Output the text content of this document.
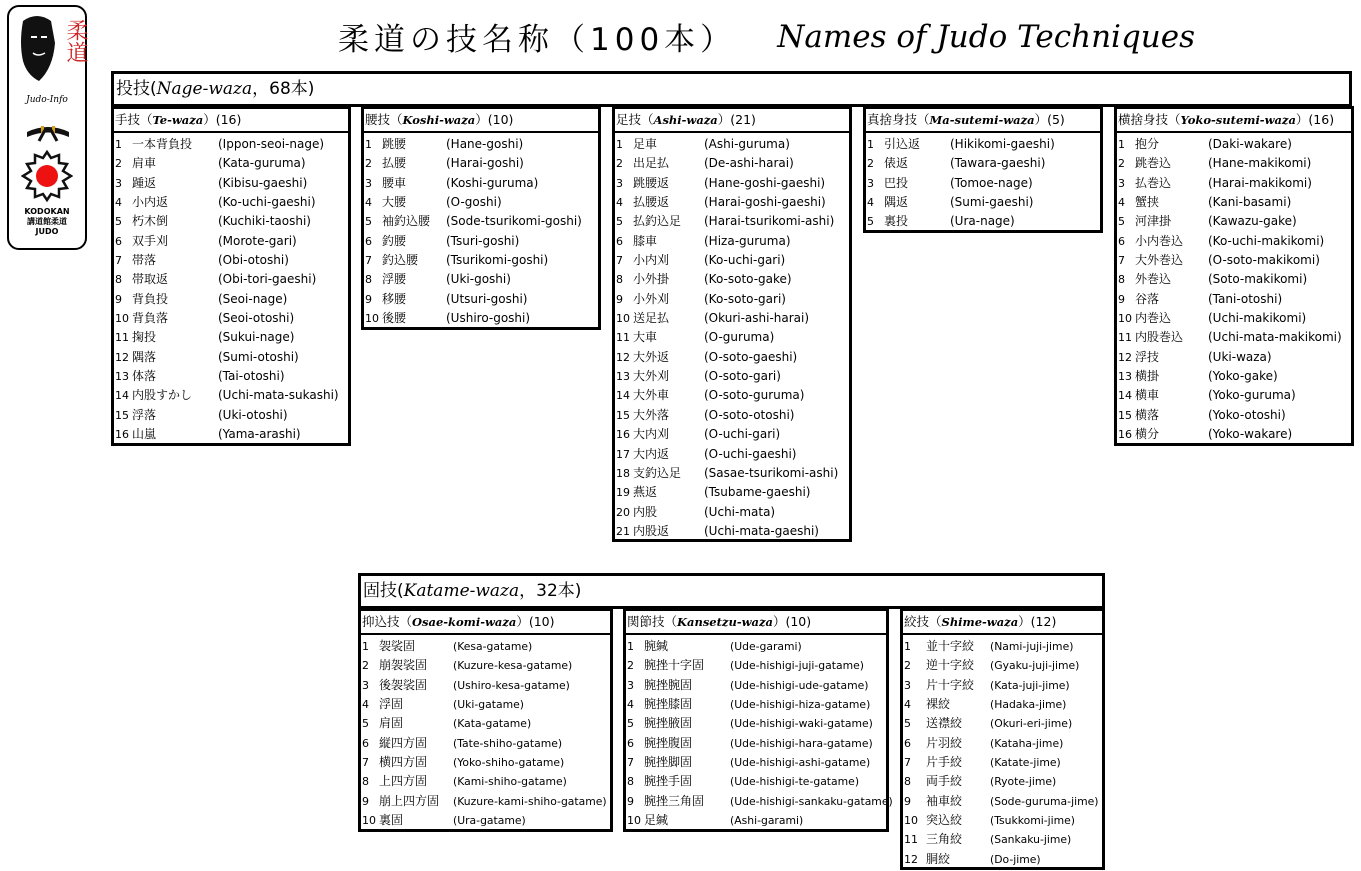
柔道
Judo-Info
KODOKAN
講道館柔道
JUDO
柔道の技名称（100本） Names of Judo Techniques
投技(Nage-waza，68本)
手技（Te-waza）(16)
1 一本背負投 (Ippon-seoi-nage)
2 肩車	(Kata-guruma)
3 踵返	(Kibisu-gaeshi)
4 小内返	(Ko-uchi-gaeshi)
5 朽木倒	(Kuchiki-taoshi)
6 双手刈	(Morote-gari)
7 帯落	(Obi-otoshi)
8 帯取返	(Obi-tori-gaeshi)
9 背負投	(Seoi-nage)
10 背負落	(Seoi-otoshi)
11 掬投	(Sukui-nage)
12 隅落	(Sumi-otoshi)
13 体落	(Tai-otoshi)
14 内股すかし (Uchi-mata-sukashi)
15 浮落	(Uki-otoshi)
16 山嵐	(Yama-arashi)
腰技（Koshi-waza）(10)
1 跳腰	(Hane-goshi)
2 払腰	(Harai-goshi)
3 腰車	(Koshi-guruma)
4 大腰	(O-goshi)
5 袖釣込腰 (Sode-tsurikomi-goshi)
6 釣腰	(Tsuri-goshi)
7 釣込腰 (Tsurikomi-goshi)
8 浮腰	(Uki-goshi)
9 移腰	(Utsuri-goshi)
10 後腰	(Ushiro-goshi)
足技（Ashi-waza）(21)
1 足車	(Ashi-guruma)
2 出足払	(De-ashi-harai)
3 跳腰返	(Hane-goshi-gaeshi)
4 払腰返	(Harai-goshi-gaeshi)
5 払釣込足 (Harai-tsurikomi-ashi)
6 膝車	(Hiza-guruma)
7 小内刈	(Ko-uchi-gari)
8 小外掛	(Ko-soto-gake)
9 小外刈	(Ko-soto-gari)
10 送足払	(Okuri-ashi-harai)
11 大車	(O-guruma)
12 大外返	(O-soto-gaeshi)
13 大外刈	(O-soto-gari)
14 大外車	(O-soto-guruma)
15 大外落	(O-soto-otoshi)
16 大内刈	(O-uchi-gari)
17 大内返	(O-uchi-gaeshi)
18 支釣込足 (Sasae-tsurikomi-ashi)
19 燕返	(Tsubame-gaeshi)
20 内股	(Uchi-mata)
21 内股返	(Uchi-mata-gaeshi)
真捨身技（Ma-sutemi-waza）(5)
1 引込返 (Hikikomi-gaeshi)
2 俵返	(Tawara-gaeshi)
3 巴投	(Tomoe-nage)
4 隅返	(Sumi-gaeshi)
5 裏投	(Ura-nage)
横捨身技（Yoko-sutemi-waza）(16)
1 抱分	(Daki-wakare)
2 跳巻込	(Hane-makikomi)
3 払巻込	(Harai-makikomi)
4 蟹挟	(Kani-basami)
5 河津掛	(Kawazu-gake)
6 小内巻込 (Ko-uchi-makikomi)
7 大外巻込 (O-soto-makikomi)
8 外巻込	(Soto-makikomi)
9 谷落	(Tani-otoshi)
10 内巻込	(Uchi-makikomi)
11 内股巻込 (Uchi-mata-makikomi)
12 浮技	(Uki-waza)
13 横掛	(Yoko-gake)
14 横車	(Yoko-guruma)
15 横落	(Yoko-otoshi)
16 横分	(Yoko-wakare)
固技(Katame-waza，32本)
抑込技（Osae-komi-waza）(10)
1 袈裟固	(Kesa-gatame)
2 崩袈裟固 (Kuzure-kesa-gatame)
3 後袈裟固 (Ushiro-kesa-gatame)
4 浮固	(Uki-gatame)
5 肩固	(Kata-gatame)
6 縦四方固 (Tate-shiho-gatame)
7 横四方固 (Yoko-shiho-gatame)
8 上四方固 (Kami-shiho-gatame)
9 崩上四方固 (Kuzure-kami-shiho-gatame)
10 裏固	(Ura-gatame)
関節技（Kansetzu-waza）(10)
1 腕緘	(Ude-garami)
2 腕挫十字固 (Ude-hishigi-juji-gatame)
3 腕挫腕固	(Ude-hishigi-ude-gatame)
4 腕挫膝固	(Ude-hishigi-hiza-gatame)
5 腕挫腋固	(Ude-hishigi-waki-gatame)
6 腕挫腹固	(Ude-hishigi-hara-gatame)
7 腕挫脚固	(Ude-hishigi-ashi-gatame)
8 腕挫手固	(Ude-hishigi-te-gatame)
9 腕挫三角固 (Ude-hishigi-sankaku-gatame)
10 足緘	(Ashi-garami)
絞技（Shime-waza）(12)
1 並十字絞 (Nami-juji-jime)
2 逆十字絞 (Gyaku-juji-jime)
3 片十字絞 (Kata-juji-jime)
4 裸絞	(Hadaka-jime)
5 送襟絞	(Okuri-eri-jime)
6 片羽絞	(Kataha-jime)
7 片手絞	(Katate-jime)
8 両手絞	(Ryote-jime)
9 袖車絞	(Sode-guruma-jime)
10 突込絞	(Tsukkomi-jime)
11 三角絞	(Sankaku-jime)
12 胴絞	(Do-jime)
